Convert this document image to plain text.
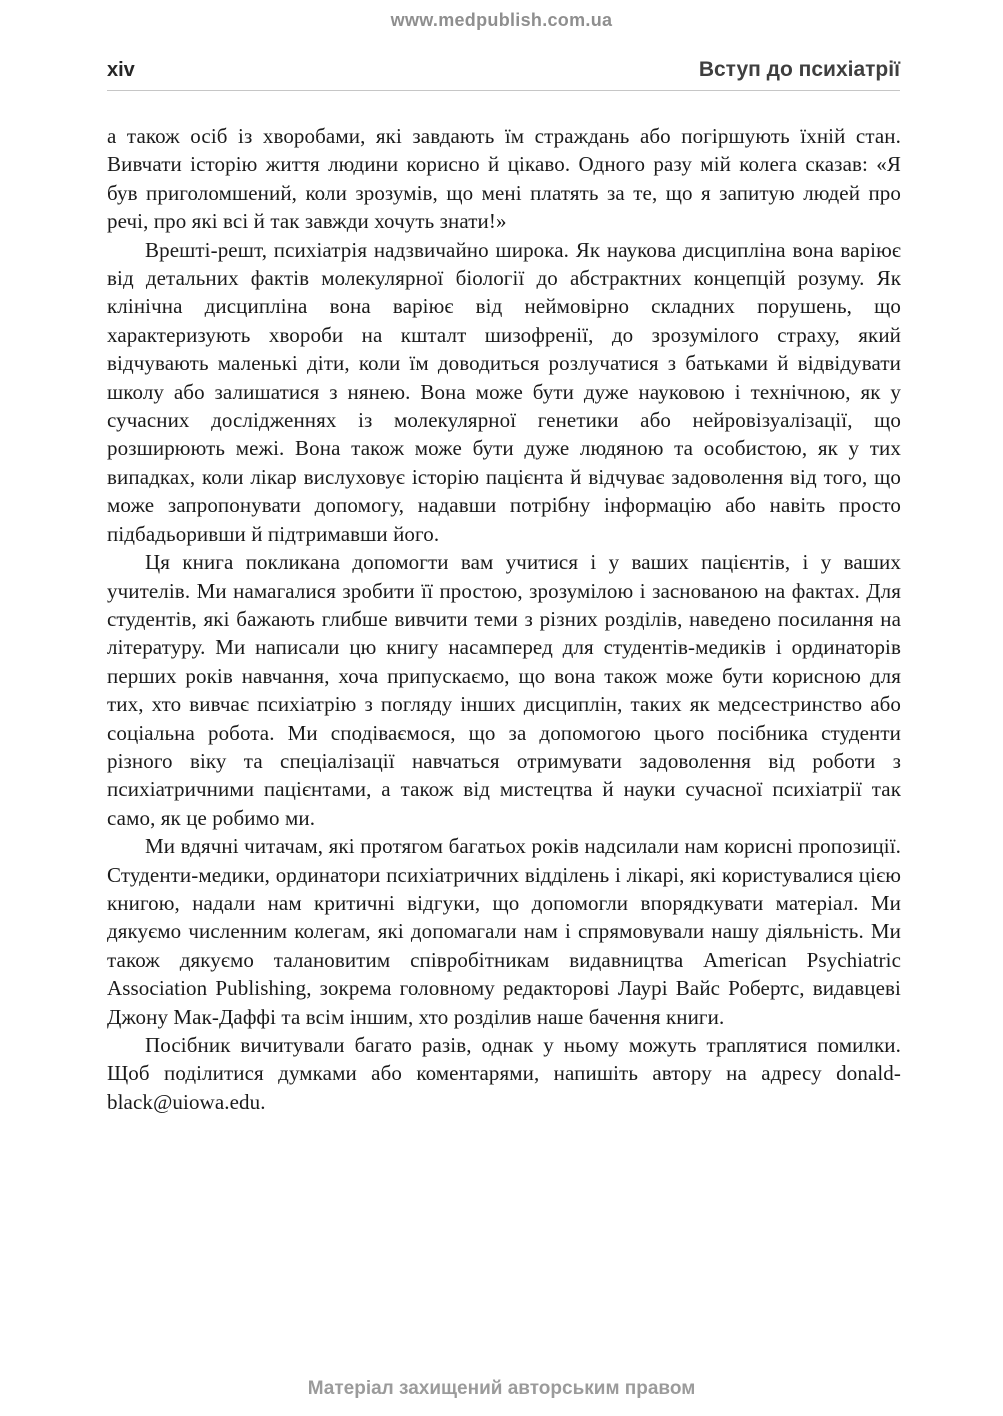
www.medpublish.com.ua
xiv	Вступ до психіатрії

а також осіб із хворобами, які завдають їм страждань або погіршують їхній стан. Вивчати історію життя людини корисно й цікаво. Одного разу мій колега сказав: «Я був приголомшений, коли зрозумів, що мені платять за те, що я запитую людей про речі, про які всі й так завжди хочуть знати!»

Врешті-решт, психіатрія надзвичайно широка. Як наукова дисципліна вона варіює від детальних фактів молекулярної біології до абстрактних концепцій розуму. Як клінічна дисципліна вона варіює від неймовірно складних порушень, що характеризують хвороби на кшталт шизофренії, до зрозумілого страху, який відчувають маленькі діти, коли їм доводиться розлучатися з батьками й відвідувати школу або залишатися з нянею. Вона може бути дуже науковою і технічною, як у сучасних дослідженнях із молекулярної генетики або нейровізуалізації, що розширюють межі. Вона також може бути дуже людяною та особистою, як у тих випадках, коли лікар вислуховує історію пацієнта й відчуває задоволення від того, що може запропонувати допомогу, надавши потрібну інформацію або навіть просто підбадьоривши й підтримавши його.

Ця книга покликана допомогти вам учитися і у ваших пацієнтів, і у ваших учителів. Ми намагалися зробити її простою, зрозумілою і заснованою на фактах. Для студентів, які бажають глибше вивчити теми з різних розділів, наведено посилання на літературу. Ми написали цю книгу насамперед для студентів-медиків і ординаторів перших років навчання, хоча припускаємо, що вона також може бути корисною для тих, хто вивчає психіатрію з погляду інших дисциплін, таких як медсестринство або соціальна робота. Ми сподіваємося, що за допомогою цього посібника студенти різного віку та спеціалізації навчаться отримувати задоволення від роботи з психіатричними пацієнтами, а також від мистецтва й науки сучасної психіатрії так само, як це робимо ми.

Ми вдячні читачам, які протягом багатьох років надсилали нам корисні пропозиції. Студенти-медики, ординатори психіатричних відділень і лікарі, які користувалися цією книгою, надали нам критичні відгуки, що допомогли впорядкувати матеріал. Ми дякуємо численним колегам, які допомагали нам і спрямовували нашу діяльність. Ми також дякуємо талановитим співробітникам видавництва American Psychiatric Association Publishing, зокрема головному редакторові Лаурі Вайс Робертс, видавцеві Джону Мак-Даффі та всім іншим, хто розділив наше бачення книги.

Посібник вичитували багато разів, однак у ньому можуть траплятися помилки. Щоб поділитися думками або коментарями, напишіть автору на адресу donald-black@uiowa.edu.

Матеріал захищений авторським правом
